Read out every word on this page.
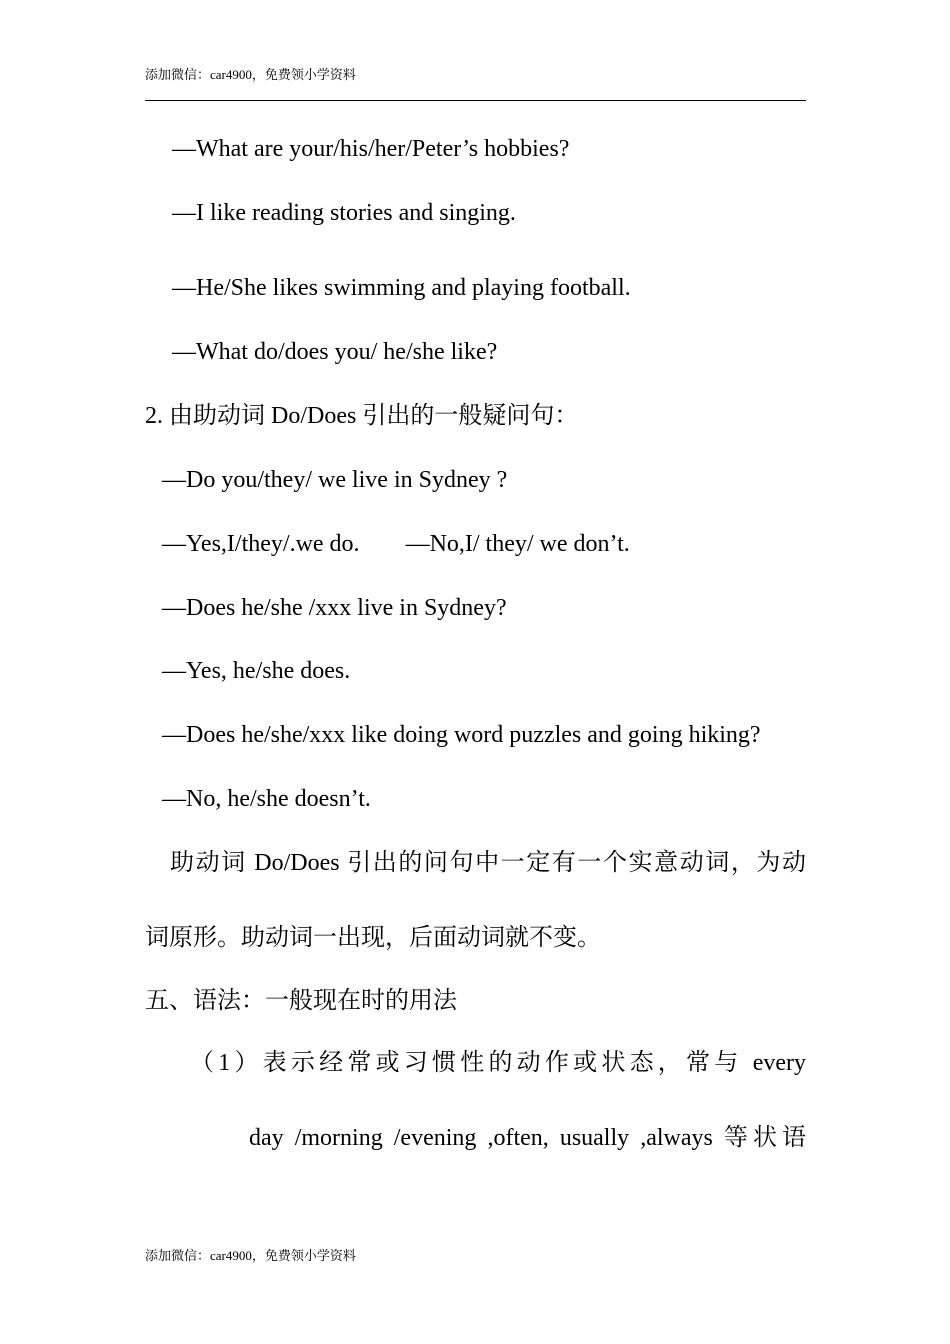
添加微信：car4900，免费领小学资料
—What are your/his/her/Peter’s hobbies?
—I like reading stories and singing.
—He/She likes swimming and playing football.
—What do/does you/ he/she like?
2. 由助动词 Do/Does 引出的一般疑问句：
—Do you/they/ we live in Sydney ?
—Yes,I/they/.we do. —No,I/ they/ we don’t.
—Does he/she /xxx live in Sydney?
—Yes, he/she does.
—Does he/she/xxx like doing word puzzles and going hiking?
—No, he/she doesn’t.
助动词 Do/Does 引出的问句中一定有一个实意动词，为动
词原形。助动词一出现，后面动词就不变。
五、语法：一般现在时的用法
（1）表示经常或习惯性的动作或状态，常与 every
day /morning /evening ,often, usually ,always 等状语
添加微信：car4900，免费领小学资料
